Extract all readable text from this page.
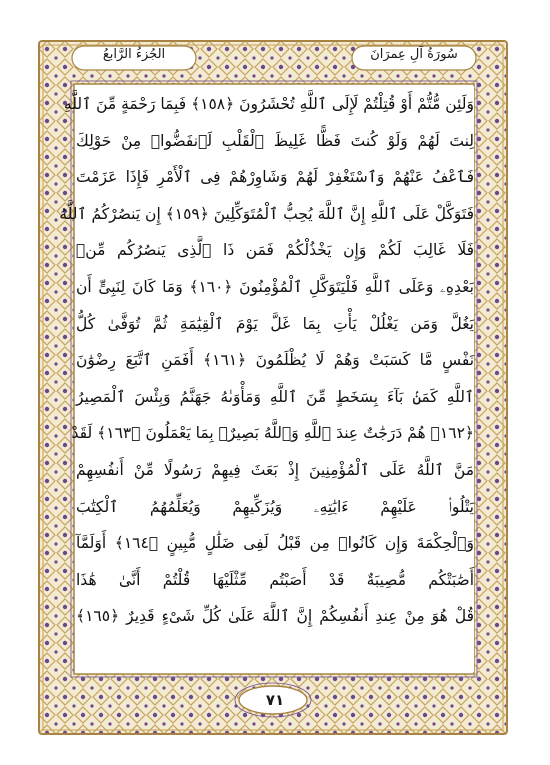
الجُزءُ الرَّابعُ	سُورَةُ آلِ عِمرَانَ
وَلَئِن مُّتُّمْ أَوْ قُتِلْتُمْ لَإِلَى ٱللَّهِ تُحْشَرُونَ ﴿١٥٨﴾ فَبِمَا رَحْمَةٍ مِّنَ ٱللَّهِ
لِنتَ لَهُمْ وَلَوْ كُنتَ فَظًّا غَلِيظَ ٱلْقَلْبِ لَٱنفَضُّوا۟ مِنْ حَوْلِكَ
فَٱعْفُ عَنْهُمْ وَٱسْتَغْفِرْ لَهُمْ وَشَاوِرْهُمْ فِى ٱلْأَمْرِ فَإِذَا عَزَمْتَ
فَتَوَكَّلْ عَلَى ٱللَّهِ إِنَّ ٱللَّهَ يُحِبُّ ٱلْمُتَوَكِّلِينَ ﴿١٥٩﴾ إِن يَنصُرْكُمُ ٱللَّهُ
فَلَا غَالِبَ لَكُمْ وَإِن يَخْذُلْكُمْ فَمَن ذَا ٱلَّذِى يَنصُرُكُم مِّنۢ
بَعْدِهِۦ وَعَلَى ٱللَّهِ فَلْيَتَوَكَّلِ ٱلْمُؤْمِنُونَ ﴿١٦٠﴾ وَمَا كَانَ لِنَبِىٍّ أَن
يَغُلَّ وَمَن يَغْلُلْ يَأْتِ بِمَا غَلَّ يَوْمَ ٱلْقِيَٰمَةِ ثُمَّ تُوَفَّىٰ كُلُّ
نَفْسٍ مَّا كَسَبَتْ وَهُمْ لَا يُظْلَمُونَ ﴿١٦١﴾ أَفَمَنِ ٱتَّبَعَ رِضْوَٰنَ
ٱللَّهِ كَمَنۢ بَآءَ بِسَخَطٍ مِّنَ ٱللَّهِ وَمَأْوَىٰهُ جَهَنَّمُ وَبِئْسَ ٱلْمَصِيرُ
﴿١٦٢﴾ هُمْ دَرَجَٰتٌ عِندَ ٱللَّهِ وَٱللَّهُ بَصِيرٌۢ بِمَا يَعْمَلُونَ ﴿١٦٣﴾ لَقَدْ
مَنَّ ٱللَّهُ عَلَى ٱلْمُؤْمِنِينَ إِذْ بَعَثَ فِيهِمْ رَسُولًا مِّنْ أَنفُسِهِمْ
يَتْلُوا۟ عَلَيْهِمْ ءَايَٰتِهِۦ وَيُزَكِّيهِمْ وَيُعَلِّمُهُمُ ٱلْكِتَٰبَ
وَٱلْحِكْمَةَ وَإِن كَانُوا۟ مِن قَبْلُ لَفِى ضَلَٰلٍ مُّبِينٍ ﴿١٦٤﴾ أَوَلَمَّآ
أَصَٰبَتْكُم مُّصِيبَةٌ قَدْ أَصَبْتُم مِّثْلَيْهَا قُلْتُمْ أَنَّىٰ هَٰذَا
قُلْ هُوَ مِنْ عِندِ أَنفُسِكُمْ إِنَّ ٱللَّهَ عَلَىٰ كُلِّ شَىْءٍ قَدِيرٌ ﴿١٦٥﴾
٧١
